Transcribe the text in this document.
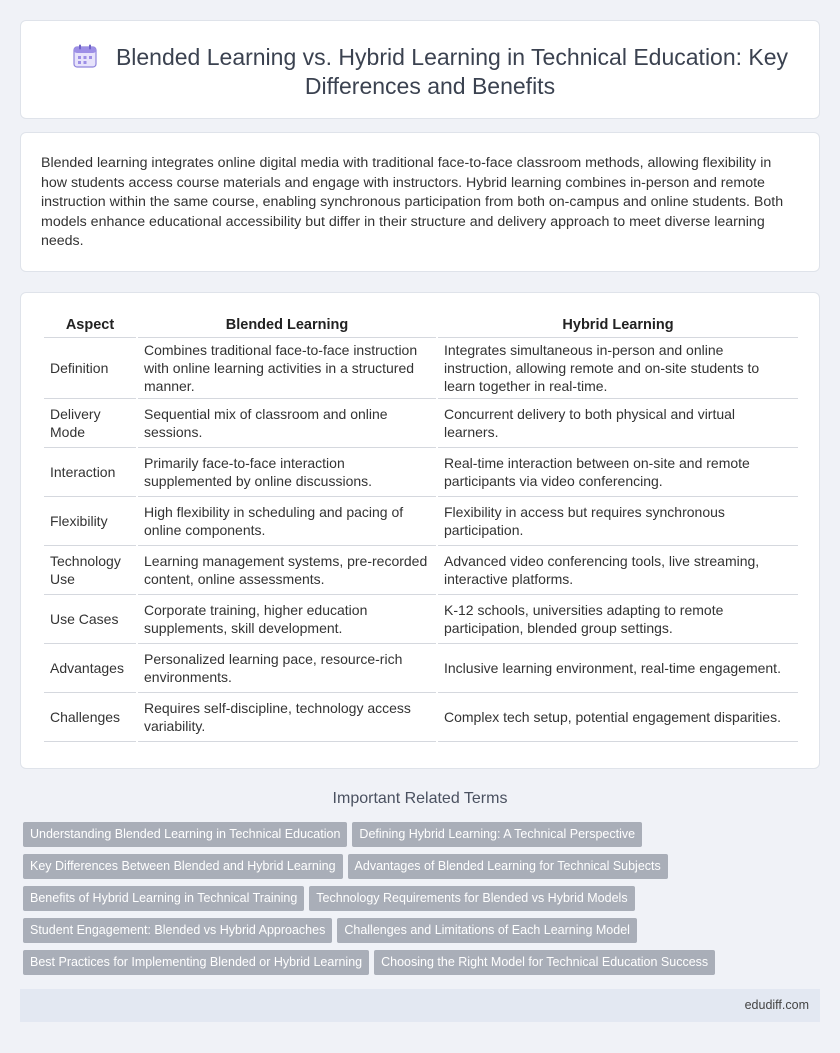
Blended Learning vs. Hybrid Learning in Technical Education: Key Differences and Benefits

Blended learning integrates online digital media with traditional face-to-face classroom methods, allowing flexibility in how students access course materials and engage with instructors. Hybrid learning combines in-person and remote instruction within the same course, enabling synchronous participation from both on-campus and online students. Both models enhance educational accessibility but differ in their structure and delivery approach to meet diverse learning needs.

Aspect	Blended Learning	Hybrid Learning
Definition	Combines traditional face-to-face instruction with online learning activities in a structured manner.	Integrates simultaneous in-person and online instruction, allowing remote and on-site students to learn together in real-time.
Delivery Mode	Sequential mix of classroom and online sessions.	Concurrent delivery to both physical and virtual learners.
Interaction	Primarily face-to-face interaction supplemented by online discussions.	Real-time interaction between on-site and remote participants via video conferencing.
Flexibility	High flexibility in scheduling and pacing of online components.	Flexibility in access but requires synchronous participation.
Technology Use	Learning management systems, pre-recorded content, online assessments.	Advanced video conferencing tools, live streaming, interactive platforms.
Use Cases	Corporate training, higher education supplements, skill development.	K-12 schools, universities adapting to remote participation, blended group settings.
Advantages	Personalized learning pace, resource-rich environments.	Inclusive learning environment, real-time engagement.
Challenges	Requires self-discipline, technology access variability.	Complex tech setup, potential engagement disparities.
Important Related Terms
Understanding Blended Learning in Technical Education Defining Hybrid Learning: A Technical Perspective
Key Differences Between Blended and Hybrid Learning Advantages of Blended Learning for Technical Subjects
Benefits of Hybrid Learning in Technical Training Technology Requirements for Blended vs Hybrid Models
Student Engagement: Blended vs Hybrid Approaches Challenges and Limitations of Each Learning Model
Best Practices for Implementing Blended or Hybrid Learning Choosing the Right Model for Technical Education Success
edudiff.com
